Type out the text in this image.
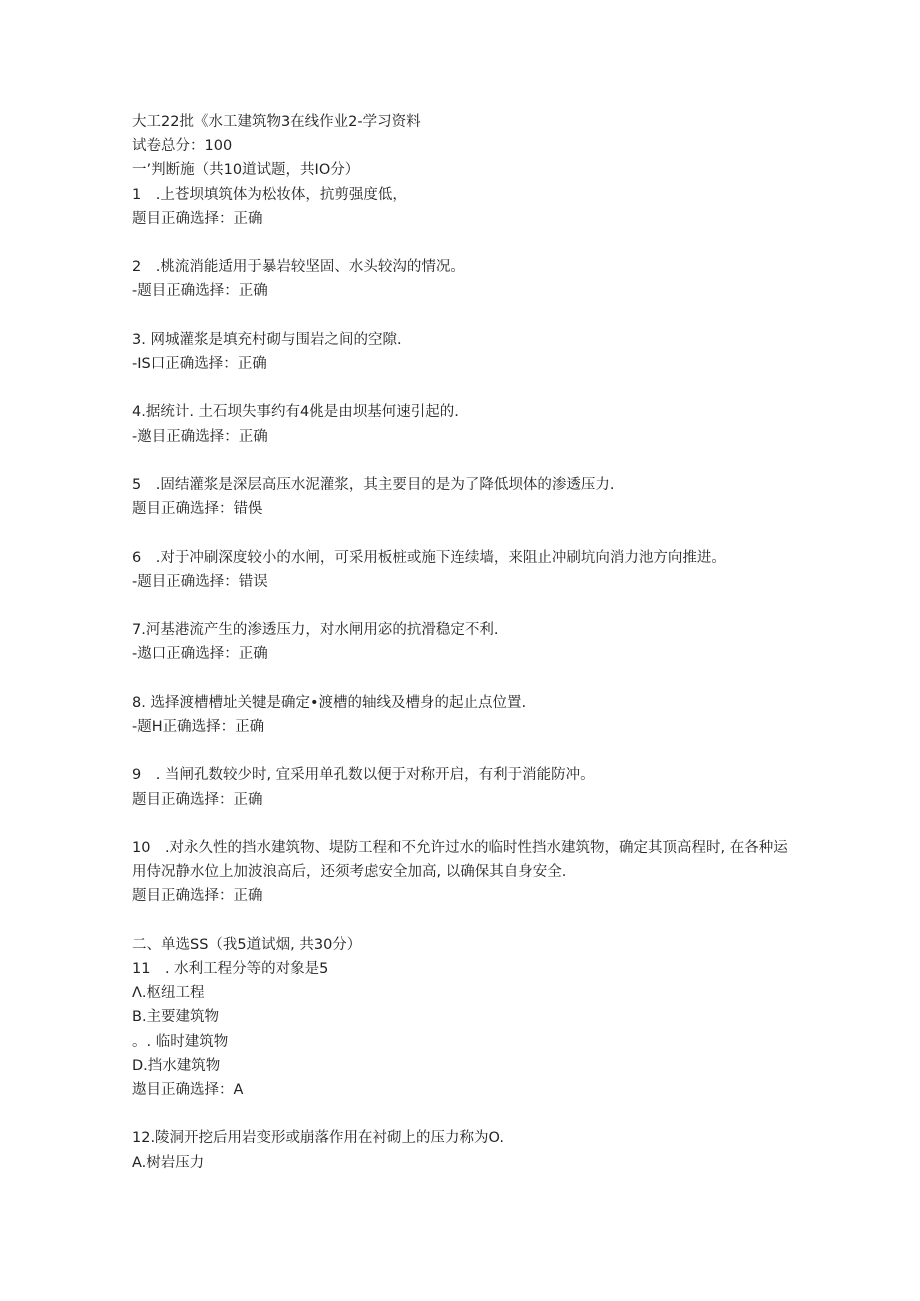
大工22批《水工建筑物3在线作业2-学习资料
试卷总分：100
一’判断施（共10道试题，共IO分）
1　.上苍坝填筑体为松妆体，抗剪强度低，
题目正确选择：正确
2　.桃流消能适用于暴岩较坚固、水头较沟的情况。
-题目正确选择：正确
3. 网城灌浆是填充村砌与围岩之间的空隙.
-IS口正确选择：正确
4.据统计. 土石坝失事约有4佻是由坝基何速引起的.
-邀目正确选择：正确
5　.固结灌浆是深层高压水泥灌浆，其主要目的是为了降低坝体的渗透压力.
题目正确选择：错俁
6　.对于冲刷深度较小的水闸，可采用板桩或施下连续墙，来阻止冲刷坑向消力池方向推进。
-题目正确选择：错误
7.河基港流产生的渗透压力，对水闸用宓的抗滑稳定不利.
-遨口正确选择：正确
8. 选择渡槽槽址关犍是确定•渡槽的轴线及槽身的起止点位置.
-题H正确选择：正确
9　. 当闸孔数较少时, 宜采用单孔数以便于对称开启，有利于消能防冲。
题目正确选择：正确
10　.对永久性的挡水建筑物、堤防工程和不允许过水的临时性挡水建筑物，确定其顶高程时, 在各种运用侍况静水位上加波浪高后，还须考虑安全加高, 以确保其自身安全.
题目正确选择：正确
二、单选SS（我5道试烟, 共30分）
11　. 水利工程分等的对象是5
Λ.枢纽工程
B.主要建筑物
。. 临时建筑物
D.挡水建筑物
遨目正确选择：A
12.陵洞开挖后用岩变形或崩落作用在衬砌上的压力称为O.
A.树岩压力
